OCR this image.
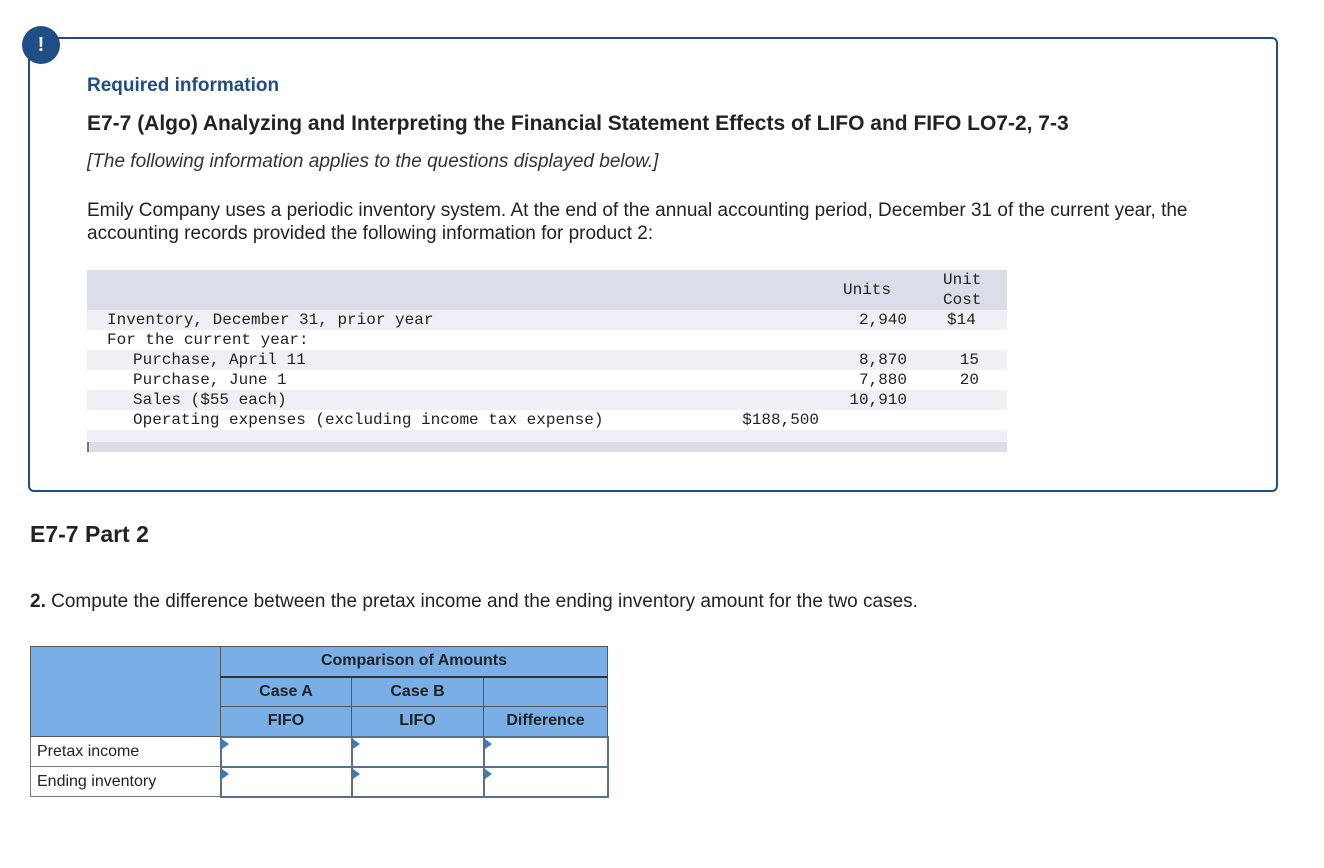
!
Required information
E7-7 (Algo) Analyzing and Interpreting the Financial Statement Effects of LIFO and FIFO LO7-2, 7-3

[The following information applies to the questions displayed below.]

Emily Company uses a periodic inventory system. At the end of the annual accounting period, December 31 of the current year, the accounting records provided the following information for product 2:

Units
Unit
Cost
Inventory, December 31, prior year	2,940	$14
For the current year:
Purchase, April 11	8,870	15
Purchase, June 1	7,880	20
Sales ($55 each)	10,910
Operating expenses (excluding income tax expense)	$188,500
E7-7 Part 2

2. Compute the difference between the pretax income and the ending inventory amount for the two cases.

	Comparison of Amounts		
	Case A	Case B	
	FIFO	LIFO	Difference
Pretax income	

Ending inventory	
